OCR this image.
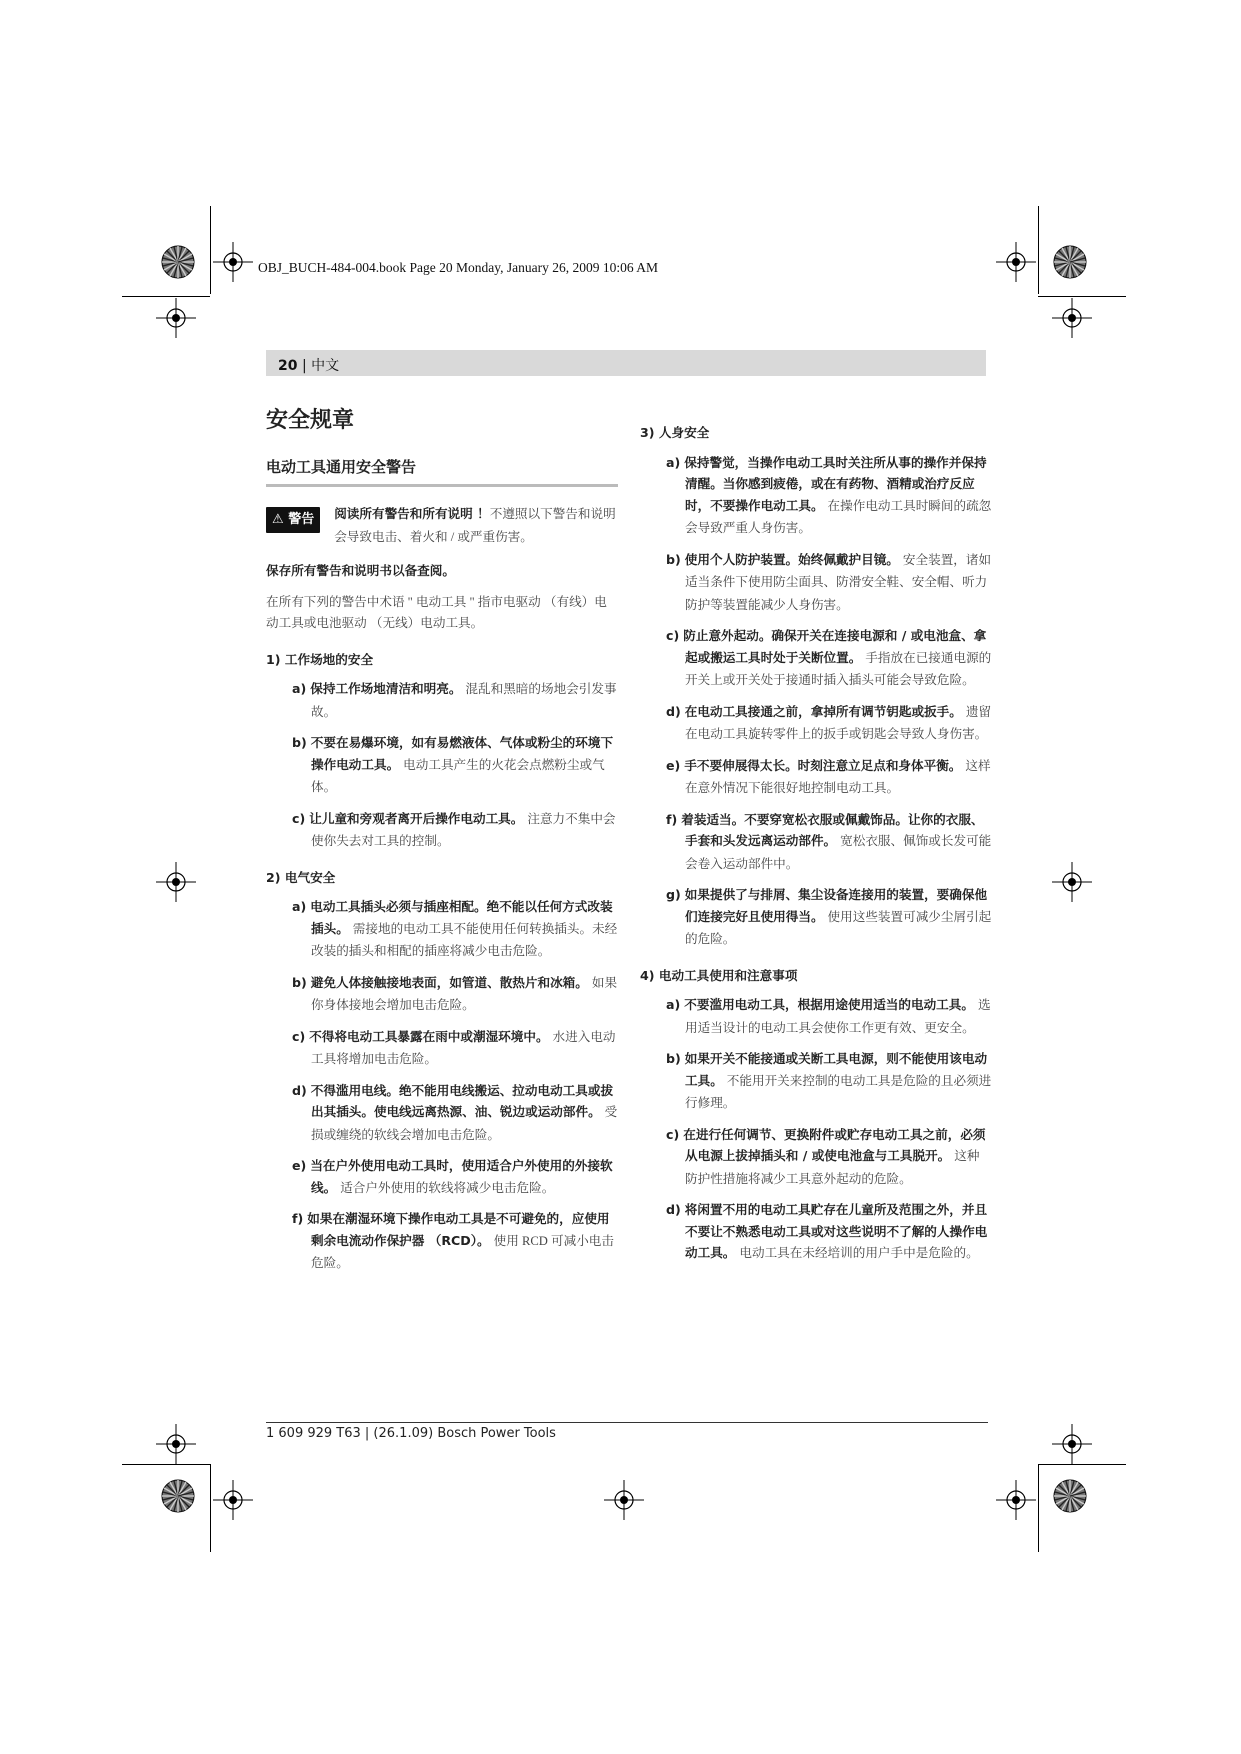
OBJ_BUCH-484-004.book Page 20 Monday, January 26, 2009 10:06 AM
20 | 中文
安全规章
电动工具通用安全警告
⚠ 警告	阅读所有警告和所有说明 ！不遵照以下警告和说明会导致电击、着火和 / 或严重伤害。
保存所有警告和说明书以备查阅。
在所有下列的警告中术语 " 电动工具 " 指市电驱动 （有线）电动工具或电池驱动 （无线）电动工具。
1) 工作场地的安全
a) 保持工作场地清洁和明亮。 混乱和黑暗的场地会引发事故。
b) 不要在易爆环境，如有易燃液体、气体或粉尘的环境下操作电动工具。 电动工具产生的火花会点燃粉尘或气体。
c) 让儿童和旁观者离开后操作电动工具。 注意力不集中会使你失去对工具的控制。
2) 电气安全
a) 电动工具插头必须与插座相配。绝不能以任何方式改装插头。 需接地的电动工具不能使用任何转换插头。未经改装的插头和相配的插座将减少电击危险。
b) 避免人体接触接地表面，如管道、散热片和冰箱。 如果你身体接地会增加电击危险。
c) 不得将电动工具暴露在雨中或潮湿环境中。 水进入电动工具将增加电击危险。
d) 不得滥用电线。绝不能用电线搬运、拉动电动工具或拔出其插头。使电线远离热源、油、锐边或运动部件。 受损或缠绕的软线会增加电击危险。
e) 当在户外使用电动工具时，使用适合户外使用的外接软线。 适合户外使用的软线将减少电击危险。
f) 如果在潮湿环境下操作电动工具是不可避免的，应使用剩余电流动作保护器 （RCD）。 使用 RCD 可减小电击危险。
3) 人身安全
a) 保持警觉，当操作电动工具时关注所从事的操作并保持清醒。当你感到疲倦，或在有药物、酒精或治疗反应时，不要操作电动工具。 在操作电动工具时瞬间的疏忽会导致严重人身伤害。
b) 使用个人防护装置。始终佩戴护目镜。 安全装置，诸如适当条件下使用防尘面具、防滑安全鞋、安全帽、听力防护等装置能减少人身伤害。
c) 防止意外起动。确保开关在连接电源和 / 或电池盒、拿起或搬运工具时处于关断位置。 手指放在已接通电源的开关上或开关处于接通时插入插头可能会导致危险。
d) 在电动工具接通之前，拿掉所有调节钥匙或扳手。 遗留在电动工具旋转零件上的扳手或钥匙会导致人身伤害。
e) 手不要伸展得太长。时刻注意立足点和身体平衡。 这样在意外情况下能很好地控制电动工具。
f) 着装适当。不要穿宽松衣服或佩戴饰品。让你的衣服、手套和头发远离运动部件。 宽松衣服、佩饰或长发可能会卷入运动部件中。
g) 如果提供了与排屑、集尘设备连接用的装置，要确保他们连接完好且使用得当。 使用这些装置可减少尘屑引起的危险。
4) 电动工具使用和注意事项
a) 不要滥用电动工具，根据用途使用适当的电动工具。 选用适当设计的电动工具会使你工作更有效、更安全。
b) 如果开关不能接通或关断工具电源，则不能使用该电动工具。 不能用开关来控制的电动工具是危险的且必须进行修理。
c) 在进行任何调节、更换附件或贮存电动工具之前，必须从电源上拔掉插头和 / 或使电池盒与工具脱开。 这种防护性措施将减少工具意外起动的危险。
d) 将闲置不用的电动工具贮存在儿童所及范围之外，并且不要让不熟悉电动工具或对这些说明不了解的人操作电动工具。 电动工具在未经培训的用户手中是危险的。
1 609 929 T63 | (26.1.09) Bosch Power Tools
